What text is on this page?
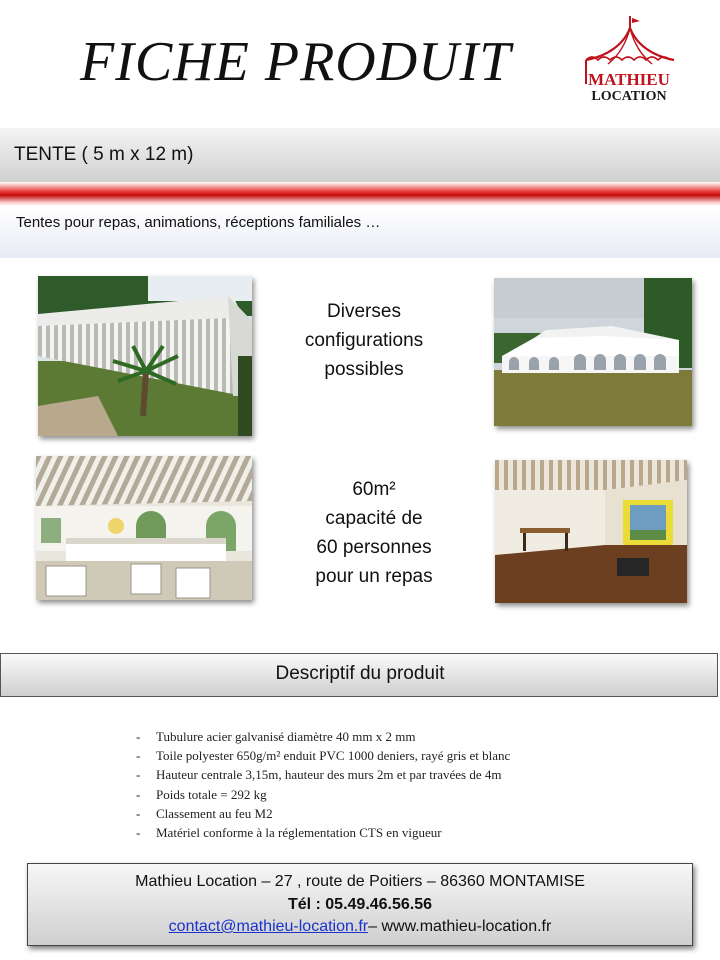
FICHE PRODUIT	MATHIEU
LOCATION
TENTE ( 5 m x 12 m)
Tentes pour repas, animations, réceptions familiales …
Diverses
configurations
possibles
60m²
capacité de
60 personnes
pour un repas
Descriptif du produit
- Tubulure acier galvanisé diamètre 40 mm x 2 mm
- Toile polyester 650g/m² enduit PVC 1000 deniers, rayé gris et blanc
- Hauteur centrale 3,15m, hauteur des murs 2m et par travées de 4m
- Poids totale = 292 kg
- Classement au feu M2
- Matériel conforme à la réglementation CTS en vigueur
Mathieu Location – 27 , route de Poitiers – 86360 MONTAMISE
Tél : 05.49.46.56.56
contact@mathieu-location.fr– www.mathieu-location.fr
